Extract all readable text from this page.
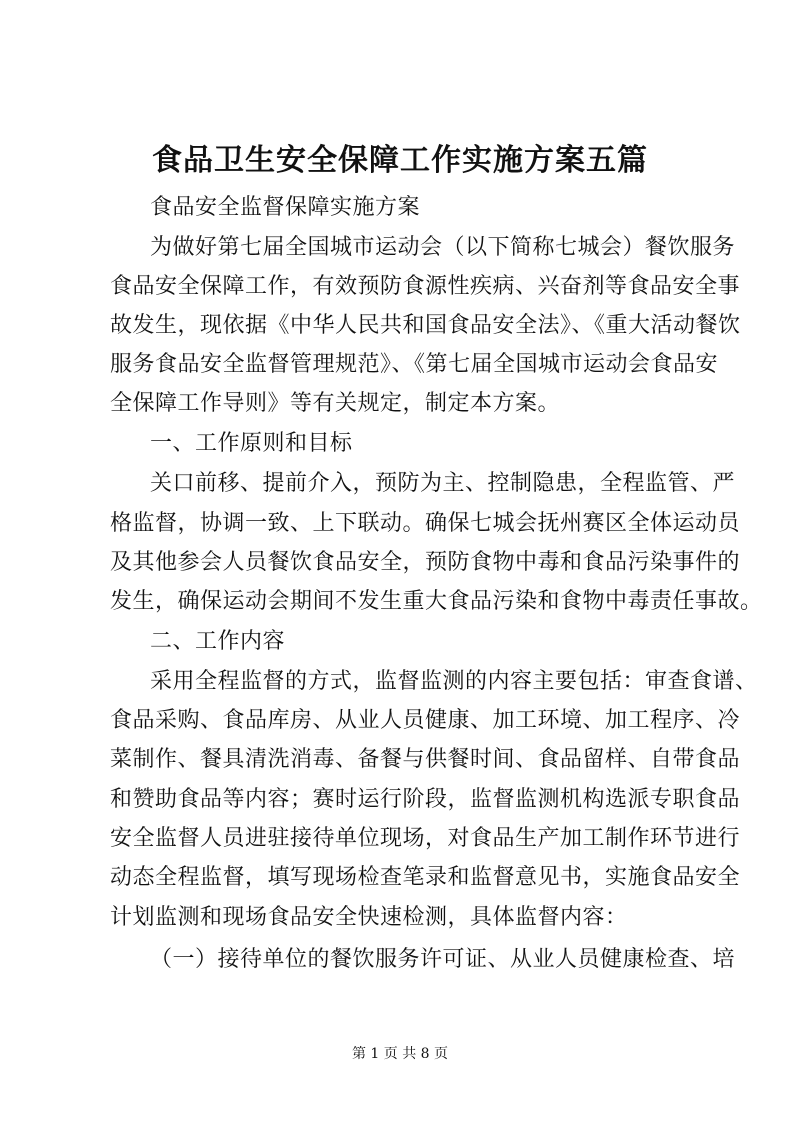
食品卫生安全保障工作实施方案五篇
食品安全监督保障实施方案
为做好第七届全国城市运动会（以下简称七城会）餐饮服务
食品安全保障工作，有效预防食源性疾病、兴奋剂等食品安全事
故发生，现依据《中华人民共和国食品安全法》、《重大活动餐饮
服务食品安全监督管理规范》、《第七届全国城市运动会食品安
全保障工作导则》等有关规定，制定本方案。
一、工作原则和目标
关口前移、提前介入，预防为主、控制隐患，全程监管、严
格监督，协调一致、上下联动。确保七城会抚州赛区全体运动员
及其他参会人员餐饮食品安全，预防食物中毒和食品污染事件的
发生，确保运动会期间不发生重大食品污染和食物中毒责任事故。
二、工作内容
采用全程监督的方式，监督监测的内容主要包括：审查食谱、
食品采购、食品库房、从业人员健康、加工环境、加工程序、冷
菜制作、餐具清洗消毒、备餐与供餐时间、食品留样、自带食品
和赞助食品等内容；赛时运行阶段，监督监测机构选派专职食品
安全监督人员进驻接待单位现场，对食品生产加工制作环节进行
动态全程监督，填写现场检查笔录和监督意见书，实施食品安全
计划监测和现场食品安全快速检测，具体监督内容：
（一）接待单位的餐饮服务许可证、从业人员健康检查、培
第 1 页 共 8 页
